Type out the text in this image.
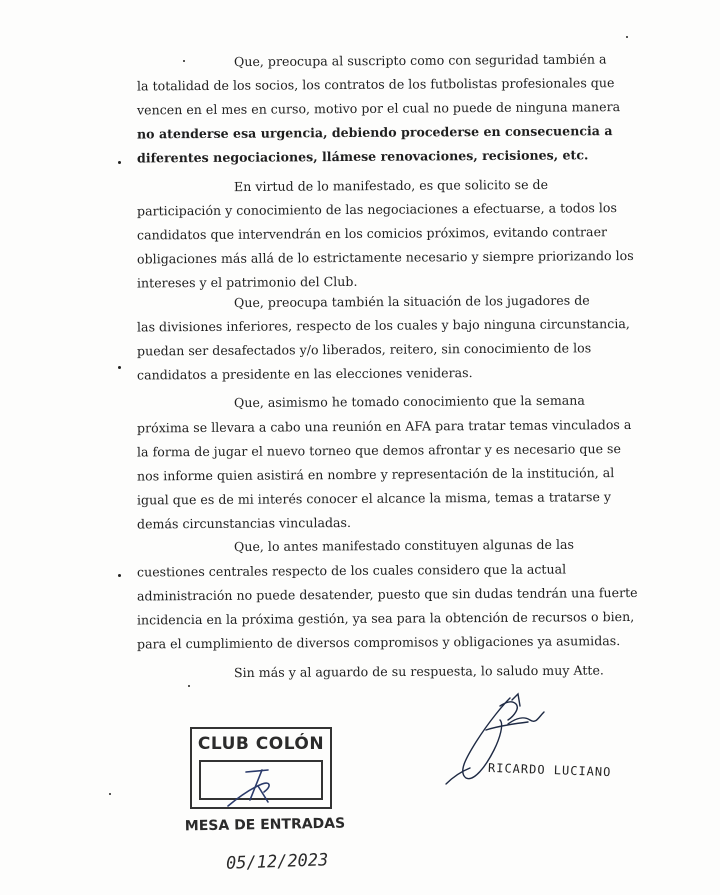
Que, preocupa al suscripto como con seguridad también a
la totalidad de los socios, los contratos de los futbolistas profesionales que
vencen en el mes en curso, motivo por el cual no puede de ninguna manera
no atenderse esa urgencia, debiendo procederse en consecuencia a
diferentes negociaciones, llámese renovaciones, recisiones, etc.
En virtud de lo manifestado, es que solicito se de
participación y conocimiento de las negociaciones a efectuarse, a todos los
candidatos que intervendrán en los comicios próximos, evitando contraer
obligaciones más allá de lo estrictamente necesario y siempre priorizando los
intereses y el patrimonio del Club.
Que, preocupa también la situación de los jugadores de
las divisiones inferiores, respecto de los cuales y bajo ninguna circunstancia,
puedan ser desafectados y/o liberados, reitero, sin conocimiento de los
candidatos a presidente en las elecciones venideras.
Que, asimismo he tomado conocimiento que la semana
próxima se llevara a cabo una reunión en AFA para tratar temas vinculados a
la forma de jugar el nuevo torneo que demos afrontar y es necesario que se
nos informe quien asistirá en nombre y representación de la institución, al
igual que es de mi interés conocer el alcance la misma, temas a tratarse y
demás circunstancias vinculadas.
Que, lo antes manifestado constituyen algunas de las
cuestiones centrales respecto de los cuales considero que la actual
administración no puede desatender, puesto que sin dudas tendrán una fuerte
incidencia en la próxima gestión, ya sea para la obtención de recursos o bien,
para el cumplimiento de diversos compromisos y obligaciones ya asumidas.
Sin más y al aguardo de su respuesta, lo saludo muy Atte.
CLUB COLÓN
MESA DE ENTRADAS
05/12/2023
RICARDO LUCIANO
